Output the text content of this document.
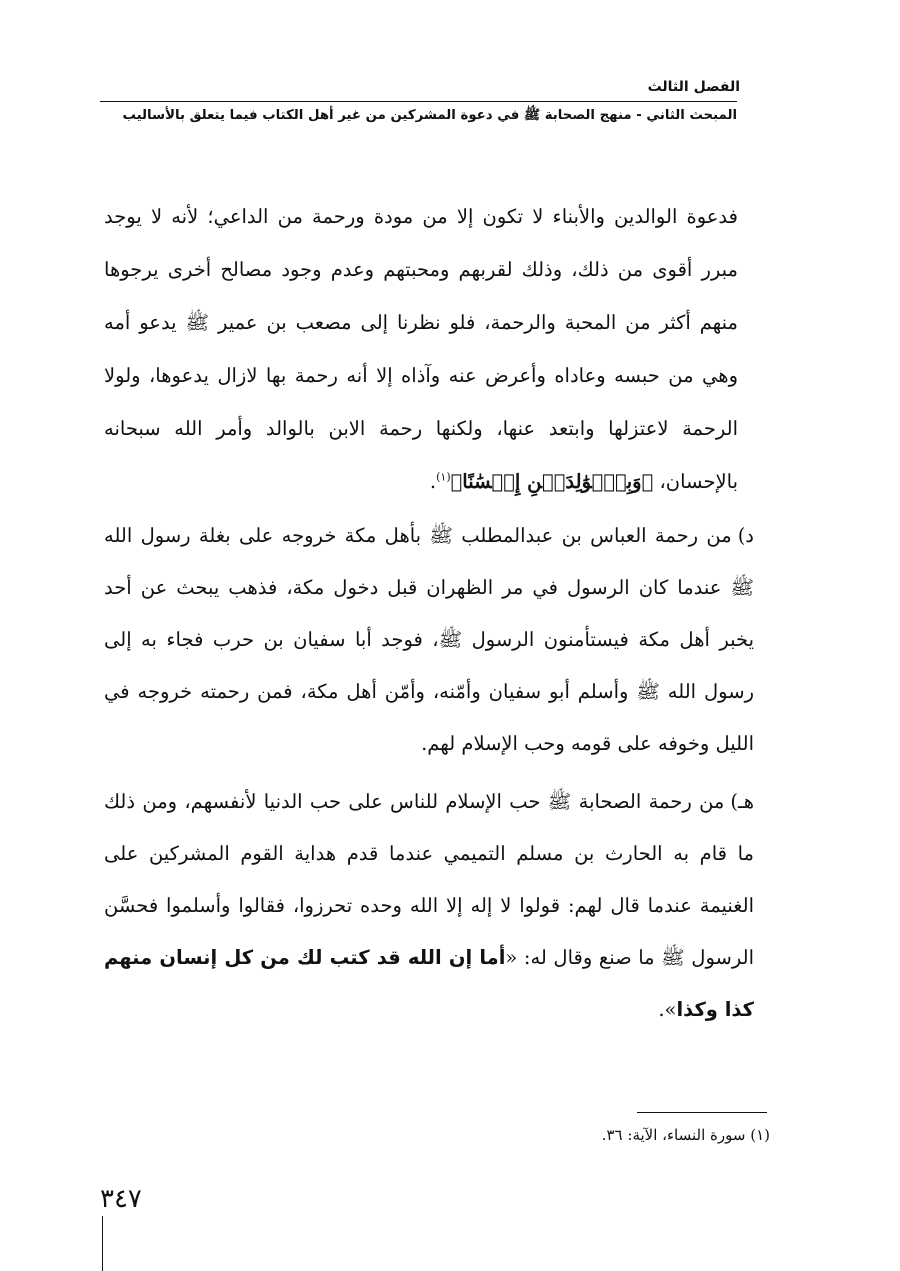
الفصل الثالث

المبحث الثاني - منهج الصحابة ﷺ في دعوة المشركين من غير أهل الكتاب فيما يتعلق بالأساليب

فدعوة الوالدين والأبناء لا تكون إلا من مودة ورحمة من الداعي؛ لأنه لا يوجد مبرر أقوى من ذلك، وذلك لقربهم ومحبتهم وعدم وجود مصالح أخرى يرجوها منهم أكثر من المحبة والرحمة، فلو نظرنا إلى مصعب بن عمير ﷺ يدعو أمه وهي من حبسه وعاداه وأعرض عنه وآذاه إلا أنه رحمة بها لازال يدعوها، ولولا الرحمة لاعتزلها وابتعد عنها، ولكنها رحمة الابن بالوالد وأمر الله سبحانه بالإحسان، ﴿وَبِٱلۡوَٰلِدَيۡنِ إِحۡسَٰنًا﴾$^{(١)}$.

د)من رحمة العباس بن عبدالمطلب ﷺ بأهل مكة خروجه على بغلة رسول الله ﷺ عندما كان الرسول في مر الظهران قبل دخول مكة، فذهب يبحث عن أحد يخبر أهل مكة فيستأمنون الرسول ﷺ، فوجد أبا سفيان بن حرب فجاء به إلى رسول الله ﷺ وأسلم أبو سفيان وأمّنه، وأمّن أهل مكة، فمن رحمته خروجه في الليل وخوفه على قومه وحب الإسلام لهم.

هـ)من رحمة الصحابة ﷺ حب الإسلام للناس على حب الدنيا لأنفسهم، ومن ذلك ما قام به الحارث بن مسلم التميمي عندما قدم هداية القوم المشركين على الغنيمة عندما قال لهم: قولوا لا إله إلا الله وحده تحرزوا، فقالوا وأسلموا فحسَّن الرسول ﷺ ما صنع وقال له: «أما إن الله قد كتب لك من كل إنسان منهم كذا وكذا».

(١) سورة النساء، الآية: ٣٦.
٣٤٧
